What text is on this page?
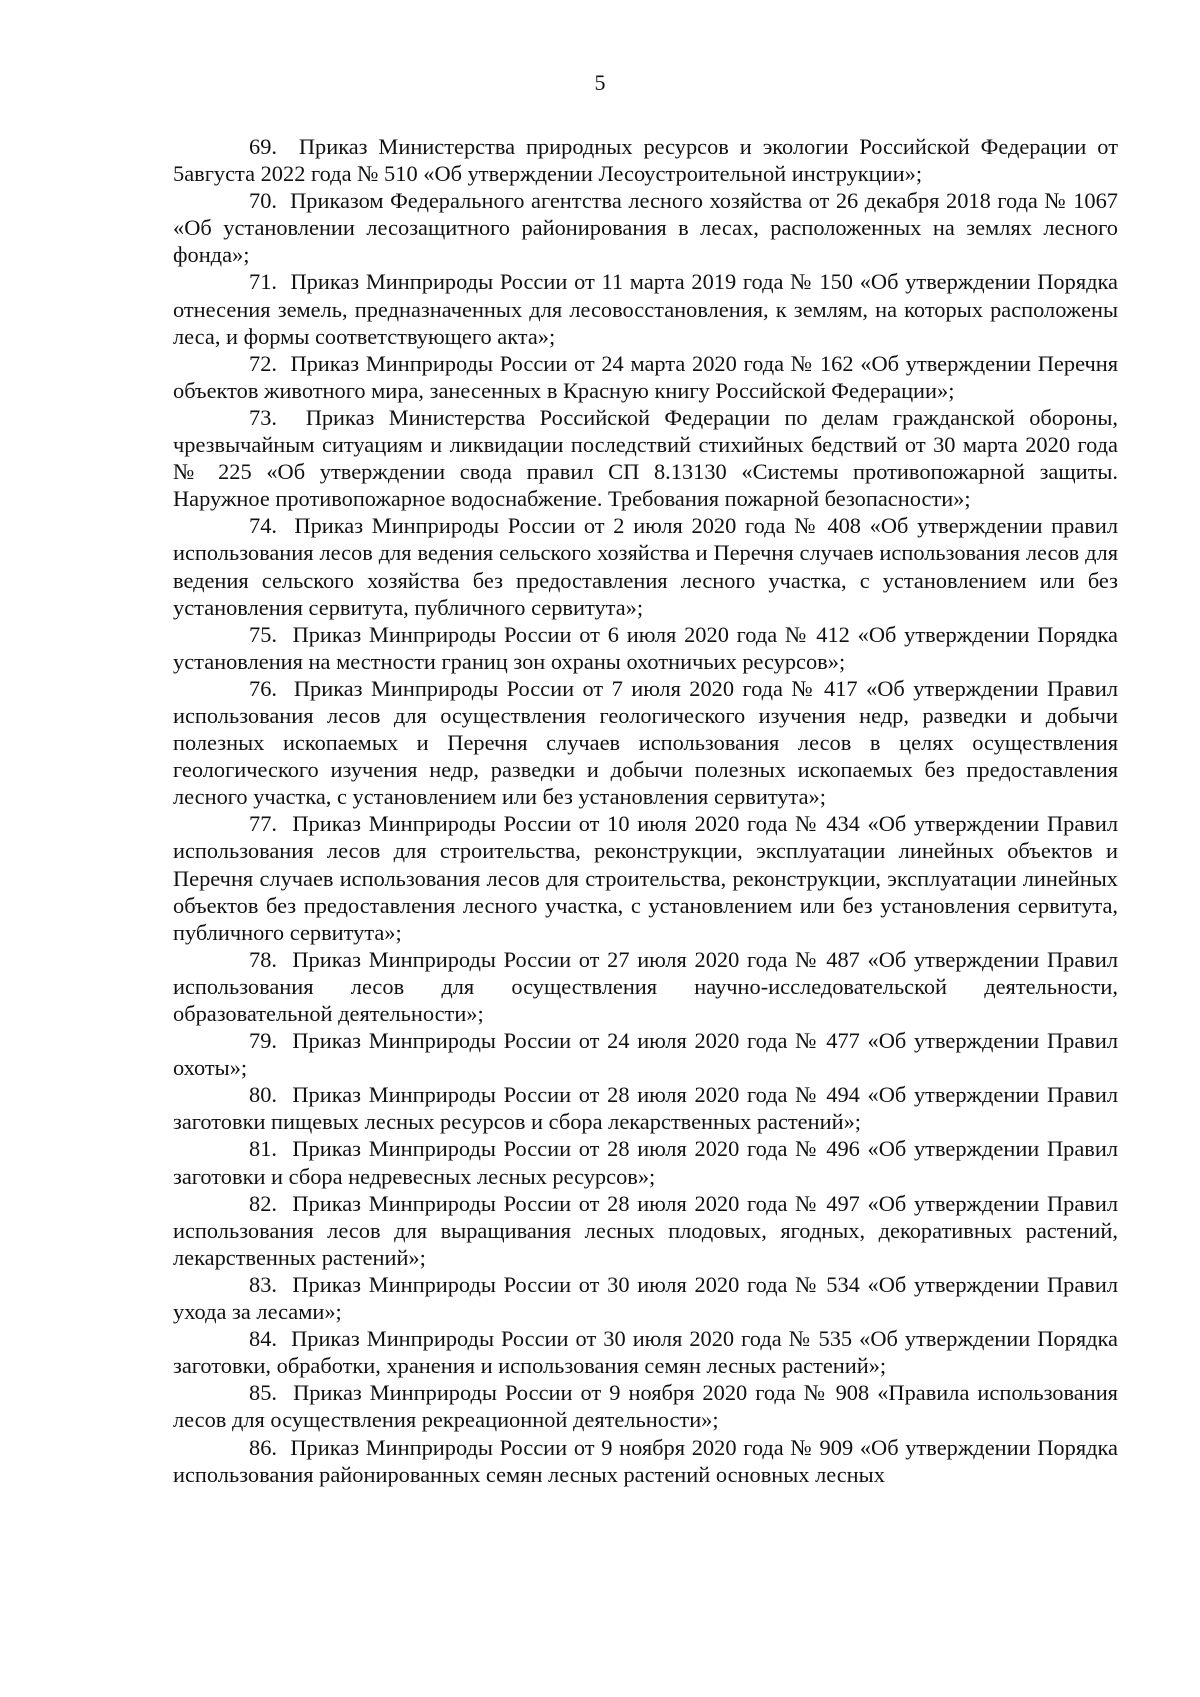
5

69. Приказ Министерства природных ресурсов и экологии Российской Федерации от 5августа 2022 года № 510 «Об утверждении Лесоустроительной инструкции»;

70. Приказом Федерального агентства лесного хозяйства от 26 декабря 2018 года № 1067 «Об установлении лесозащитного районирования в лесах, расположенных на землях лесного фонда»;

71. Приказ Минприроды России от 11 марта 2019 года № 150 «Об утверждении Порядка отнесения земель, предназначенных для лесовосстановления, к землям, на которых расположены леса, и формы соответствующего акта»;

72. Приказ Минприроды России от 24 марта 2020 года № 162 «Об утверждении Перечня объектов животного мира, занесенных в Красную книгу Российской Федерации»;

73. Приказ Министерства Российской Федерации по делам гражданской обороны, чрезвычайным ситуациям и ликвидации последствий стихийных бедствий от 30 марта 2020 года № 225 «Об утверждении свода правил СП 8.13130 «Системы противопожарной защиты. Наружное противопожарное водоснабжение. Требования пожарной безопасности»;

74. Приказ Минприроды России от 2 июля 2020 года № 408 «Об утверждении правил использования лесов для ведения сельского хозяйства и Перечня случаев использования лесов для ведения сельского хозяйства без предоставления лесного участка, с установлением или без установления сервитута, публичного сервитута»;

75. Приказ Минприроды России от 6 июля 2020 года № 412 «Об утверждении Порядка установления на местности границ зон охраны охотничьих ресурсов»;

76. Приказ Минприроды России от 7 июля 2020 года № 417 «Об утверждении Правил использования лесов для осуществления геологического изучения недр, разведки и добычи полезных ископаемых и Перечня случаев использования лесов в целях осуществления геологического изучения недр, разведки и добычи полезных ископаемых без предоставления лесного участка, с установлением или без установления сервитута»;

77. Приказ Минприроды России от 10 июля 2020 года № 434 «Об утверждении Правил использования лесов для строительства, реконструкции, эксплуатации линейных объектов и Перечня случаев использования лесов для строительства, реконструкции, эксплуатации линейных объектов без предоставления лесного участка, с установлением или без установления сервитута, публичного сервитута»;

78. Приказ Минприроды России от 27 июля 2020 года № 487 «Об утверждении Правил использования лесов для осуществления научно-исследовательской деятельности, образовательной деятельности»;

79. Приказ Минприроды России от 24 июля 2020 года № 477 «Об утверждении Правил охоты»;

80. Приказ Минприроды России от 28 июля 2020 года № 494 «Об утверждении Правил заготовки пищевых лесных ресурсов и сбора лекарственных растений»;

81. Приказ Минприроды России от 28 июля 2020 года № 496 «Об утверждении Правил заготовки и сбора недревесных лесных ресурсов»;

82. Приказ Минприроды России от 28 июля 2020 года № 497 «Об утверждении Правил использования лесов для выращивания лесных плодовых, ягодных, декоративных растений, лекарственных растений»;

83. Приказ Минприроды России от 30 июля 2020 года № 534 «Об утверждении Правил ухода за лесами»;

84. Приказ Минприроды России от 30 июля 2020 года № 535 «Об утверждении Порядка заготовки, обработки, хранения и использования семян лесных растений»;

85. Приказ Минприроды России от 9 ноября 2020 года № 908 «Правила использования лесов для осуществления рекреационной деятельности»;

86. Приказ Минприроды России от 9 ноября 2020 года № 909 «Об утверждении Порядка использования районированных семян лесных растений основных лесных
